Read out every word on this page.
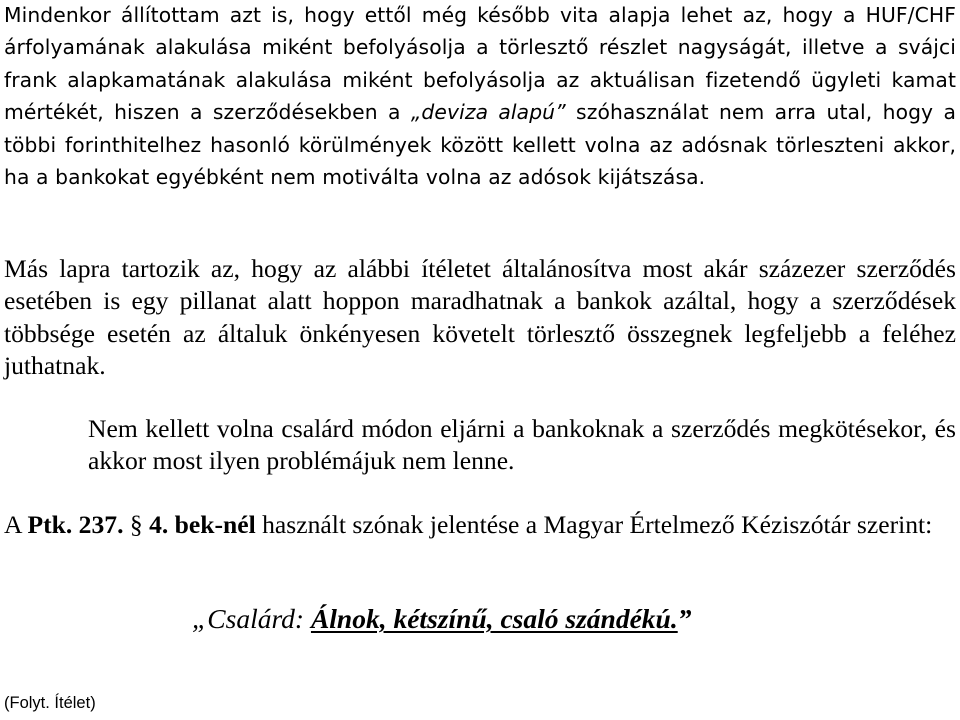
Mindenkor állítottam azt is, hogy ettől még később vita alapja lehet az, hogy a HUF/CHF árfolyamának alakulása miként befolyásolja a törlesztő részlet nagyságát, illetve a svájci frank alapkamatának alakulása miként befolyásolja az aktuálisan fizetendő ügyleti kamat mértékét, hiszen a szerződésekben a „deviza alapú” szóhasználat nem arra utal, hogy a többi forinthitelhez hasonló körülmények között kellett volna az adósnak törleszteni akkor, ha a bankokat egyébként nem motiválta volna az adósok kijátszása.

Más lapra tartozik az, hogy az alábbi ítéletet általánosítva most akár százezer szerződés esetében is egy pillanat alatt hoppon maradhatnak a bankok azáltal, hogy a szerződések többsége esetén az általuk önkényesen követelt törlesztő összegnek legfeljebb a feléhez juthatnak.

Nem kellett volna csalárd módon eljárni a bankoknak a szerződés megkötésekor, és akkor most ilyen problémájuk nem lenne.

A Ptk. 237. § 4. bek-nél használt szónak jelentése a Magyar Értelmező Kéziszótár szerint:

„Csalárd: Álnok, kétszínű, csaló szándékú.”

(Folyt. Ítélet)
